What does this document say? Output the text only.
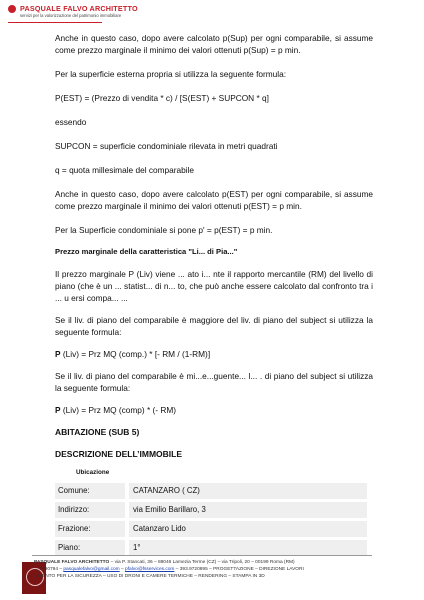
PASQUALE FALVO ARCHITETTO
servizi per la valorizzazione del patrimonio immobiliare

Anche in questo caso, dopo avere calcolato p(Sup) per ogni comparabile, si assume come prezzo marginale il minimo dei valori ottenuti p(Sup) = p min.

Per la superficie esterna propria si utilizza la seguente formula:

P(EST) = (Prezzo di vendita * c) / [S(EST) + SUPCON * q]

essendo

SUPCON = superficie condominiale rilevata in metri quadrati

q = quota millesimale del comparabile

Anche in questo caso, dopo avere calcolato p(EST) per ogni comparabile, si assume come prezzo marginale il minimo dei valori ottenuti p(EST) = p min.

Per la Superficie condominiale si pone p' = p(EST) = p min.

Prezzo marginale della caratteristica "Li... di Pia..."

Il prezzo marginale P (Liv) viene ... ato i... nte il rapporto mercantile (RM) del livello di piano (che è un ... statist... di n... to, che può anche essere calcolato dal confronto tra i ... u ersi compa... ...

Se il liv. di piano del comparabile è maggiore del liv. di piano del subject si utilizza la seguente formula:

P (Liv) = Prz MQ (comp.) * [- RM / (1-RM)]

Se il liv. di piano del comparabile è mi...e...guente... l... . di piano del subject si utilizza la seguente formula:

P (Liv) = Prz MQ (comp) * (- RM)

ABITAZIONE (SUB 5)
DESCRIZIONE DELL’IMMOBILE
Ubicazione
Comune:	CATANZARO ( CZ)
Indirizzo:	via Emilio Barillaro, 3
Frazione:	Catanzaro Lido
Piano:	1°
PASQUALE FALVO ARCHITETTO – via P. Stancati, 36 – 88046 Lamezia Terme (CZ) – via Tripoli, 20 – 00199 Roma (RM)
... 0290794 – pasqualefalvo@gmail.com – pfalvo@fsservices.com – 393.9720895 – PROGETTAZIONE – DIREZIONE LAVORI
...MENTO PER LA SICUREZZA – USO DI DRONI E CAMERE TERMICHE – RENDERING – STAMPA IN 3D
